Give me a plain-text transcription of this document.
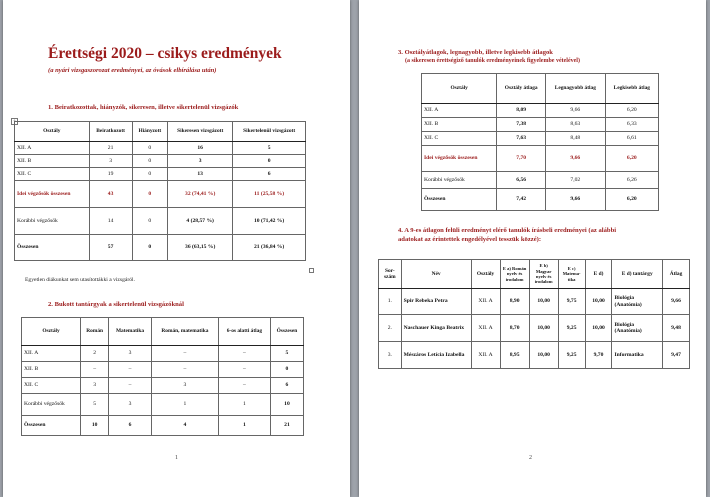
Érettségi 2020 – csikys eredmények
(a nyári vizsgaszorozat eredményei, az óvások elbírálása után)
1. Beiratkozottak, hiányzók, sikeresen, illetve sikertelenül vizsgázók
+
Osztály	Beiratkozott	Hiányzott	Sikeresen vizsgázott	Sikertelenül vizsgázott
XII. A	21	0	16	5
XII. B	3	0	3	0
XII. C	19	0	13	6
Idei végzősök összesen	43	0	32 (74,41 %)	11 (25,58 %)
Korábbi végzősök	14	0	4 (28,57 %)	10 (71,42 %)
Összesen	57	0	36 (63,15 %)	21 (36,84 %)
Egyetlen diákunkat sem utasítottákki a vizsgáról.
2. Bukott tantárgyak a sikertelenül vizsgázóknál
Osztály	Román	Matematika	Román, matematika	6-os alatti átlag	Összesen
XII. A	2	3	–	–	5
XII. B	–	–	–	–	0
XII. C	3	–	3	–	6
Korábbi végzősök	5	3	1	1	10
Összesen	10	6	4	1	21
1
3. Osztályátlagok, legnagyobb, illetve legkisebb átlagok
(a sikeresen érettségiző tanulók eredményeinek figyelembe vételével)
Osztály	Osztály átlaga	Legnagyobb átlag	Legkisebb átlag
XII. A	8,09	9,66	6,20
XII. B	7,38	8,63	6,33
XII. C	7,63	8,48	6,61
Idei végzősök összesen	7,70	9,66	6,20
Korábbi végzősök	6,56	7,02	6,26
Összesen	7,42	9,66	6,20
4. A 9-es átlagon felüli eredményt elérő tanulók írásbeli eredményei (az alábbi
adatokat az érintettek engedélyével tesszük közzé):
Sor-szám	Név	Osztály	E a) Román nyelv és irodalom	E b) Magyar nyelv és irodalom	E c) Matema-tika	E d)	E d) tantárgy	Átlag
1.	Spir Rebeka Petra	XII. A	8,90	10,00	9,75	10,00	Biológia (Anatómia)	9,66
2.	Naschauer Kinga Beatrix	XII. A	8,70	10,00	9,25	10,00	Biológia (Anatómia)	9,48
3.	Mészáros Letícia Izabella	XII. A	8,95	10,00	9,25	9,70	Informatika	9,47
2
